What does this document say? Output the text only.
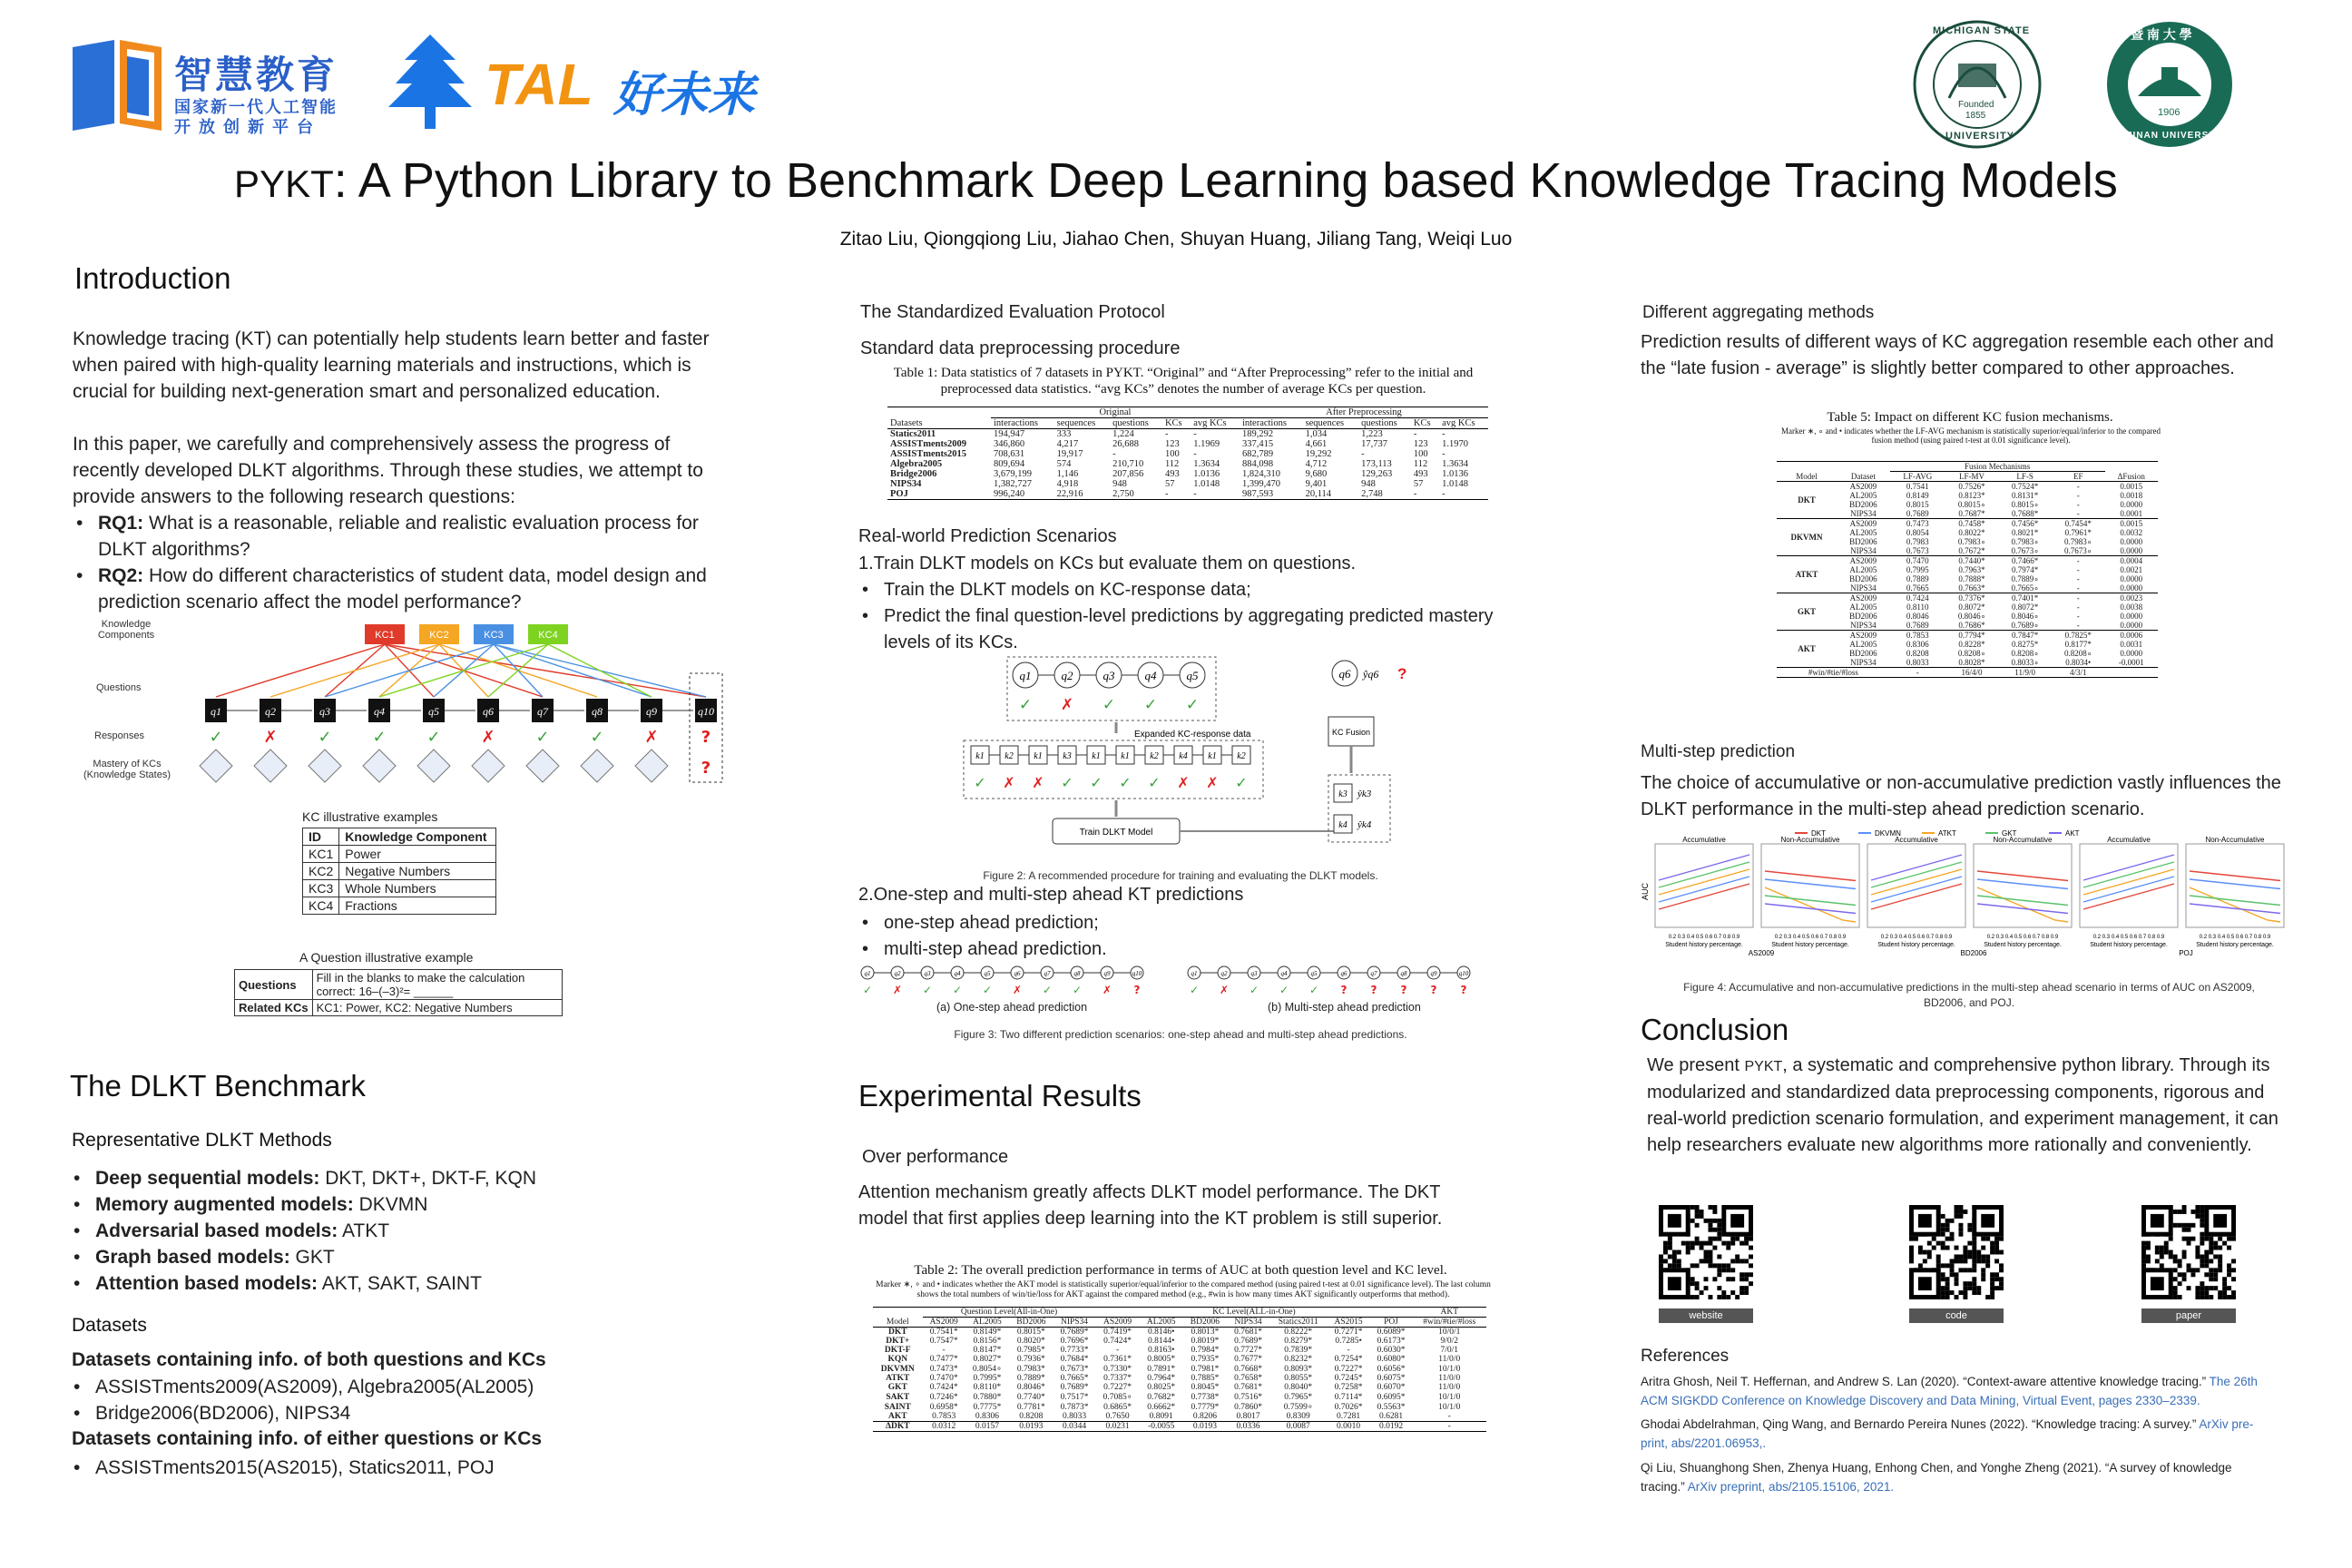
智慧教育
国家新一代人工智能
开 放 创 新 平 台
TAL 好未来
MICHIGAN STATE
UNIVERSITY
Founded
1855
暨 南 大 學
JINAN UNIVERSITY
1906
PYKT: A Python Library to Benchmark Deep Learning based Knowledge Tracing Models
Zitao Liu, Qiongqiong Liu, Jiahao Chen, Shuyan Huang, Jiliang Tang, Weiqi Luo
Introduction
Knowledge tracing (KT) can potentially help students learn better and faster when paired with high-quality learning materials and instructions, which is crucial for building next-generation smart and personalized education.
In this paper, we carefully and comprehensively assess the progress of recently developed DLKT algorithms. Through these studies, we attempt to provide answers to the following research questions:
• RQ1: What is a reasonable, reliable and realistic evaluation process for DLKT algorithms?
• RQ2: How do different characteristics of student data, model design and prediction scenario affect the model performance?
Knowledge Components
Questions
Responses
Mastery of KCs (Knowledge States)
KC1	KC2	KC3	KC4
q1
✓
q2
✗
q3
✓
q4
✓
q5
✓
q6
✗
q7
✓
q8
✓
q9
✗
q10
?
?
KC illustrative examples
ID	Knowledge Component
KC1	Power
KC2	Negative Numbers
KC3	Whole Numbers
KC4	Fractions
A Question illustrative example
Questions	Fill in the blanks to make the calculation correct: 16–(–3)²= ______
Related KCs	KC1: Power, KC2: Negative Numbers
The DLKT Benchmark
Representative DLKT Methods
• Deep sequential models: DKT, DKT+, DKT-F, KQN
• Memory augmented models: DKVMN
• Adversarial based models: ATKT
• Graph based models: GKT
• Attention based models: AKT, SAKT, SAINT
Datasets
Datasets containing info. of both questions and KCs
• ASSISTments2009(AS2009), Algebra2005(AL2005)
• Bridge2006(BD2006), NIPS34
Datasets containing info. of either questions or KCs
• ASSISTments2015(AS2015), Statics2011, POJ
The Standardized Evaluation Protocol
Standard data preprocessing procedure
Table 1: Data statistics of 7 datasets in PYKT. “Original” and “After Preprocessing” refer to the initial and preprocessed data statistics. “avg KCs” denotes the number of average KCs per question.
	Original					After Preprocessing				
Datasets	interactions	sequences	questions	KCs	avg KCs	interactions	sequences	questions	KCs	avg KCs
Statics2011	194,947	333	1,224	-	-	189,292	1,034	1,223	-	-
ASSISTments2009	346,860	4,217	26,688	123	1.1969	337,415	4,661	17,737	123	1.1970
ASSISTments2015	708,631	19,917	-	100	-	682,789	19,292	-	100	-
Algebra2005	809,694	574	210,710	112	1.3634	884,098	4,712	173,113	112	1.3634
Bridge2006	3,679,199	1,146	207,856	493	1.0136	1,824,310	9,680	129,263	493	1.0136
NIPS34	1,382,727	4,918	948	57	1.0148	1,399,470	9,401	948	57	1.0148
POJ	996,240	22,916	2,750	-	-	987,593	20,114	2,748	-	-
Real-world Prediction Scenarios
1.Train DLKT models on KCs but evaluate them on questions.
• Train the DLKT models on KC-response data;
• Predict the final question-level predictions by aggregating predicted mastery levels of its KCs.
q1
✓
q2
✗
q3
✓
q4
✓
q5
✓
q6 ŷq6 ?
Expanded KC-response data
k1
✓
k2
✗
k1
✗
k3
✓
k1
✓
k1
✓
k2
✓
k4
✗
k1
✗
k2
✓
Train DLKT Model
KC Fusion
k3 ŷk3
k4 ŷk4
Figure 2: A recommended procedure for training and evaluating the DLKT models.
2.One-step and multi-step ahead KT predictions
• one-step ahead prediction;
• multi-step ahead prediction.
q1
✓
q2
✗
q3
✓
q4
✓
q5
✓
q6
✗
q7
✓
q8
✓
q9
✗
q10
?
q1
✓
q2
✗
q3
✓
q4
✓
q5
✓
q6
?
q7
?
q8
?
q9
?
q10
?
(a) One-step ahead prediction	(b) Multi-step ahead prediction
Figure 3: Two different prediction scenarios: one-step ahead and multi-step ahead predictions.
Experimental Results
Over performance
Attention mechanism greatly affects DLKT model performance. The DKT model that first applies deep learning into the KT problem is still superior.
Table 2: The overall prediction performance in terms of AUC at both question level and KC level.
Marker ∗, ∘ and • indicates whether the AKT model is statistically superior/equal/inferior to the compared method (using paired t-test at 0.01 significance level). The last column shows the total numbers of win/tie/loss for AKT against the compared method (e.g., #win is how many times AKT significantly outperforms that method).
	Question Level(All-in-One)				KC Level(ALL-in-One)							AKT
Model	AS2009	AL2005	BD2006	NIPS34	AS2009	AL2005	BD2006	NIPS34	Statics2011	AS2015	POJ	#win/#tie/#loss
DKT	0.7541*	0.8149*	0.8015*	0.7689*	0.7419*	0.8146•	0.8013*	0.7681*	0.8222*	0.7271*	0.6089*	10/0/1
DKT+	0.7547*	0.8156*	0.8020*	0.7696*	0.7424*	0.8144•	0.8019*	0.7689*	0.8279*	0.7285•	0.6173*	9/0/2
DKT-F	-	0.8147*	0.7985*	0.7733*	-	0.8163•	0.7984*	0.7727*	0.7839*	-	0.6030*	7/0/1
KQN	0.7477*	0.8027*	0.7936*	0.7684*	0.7361*	0.8005*	0.7935*	0.7677*	0.8232*	0.7254*	0.6080*	11/0/0
DKVMN	0.7473*	0.8054∘	0.7983*	0.7673*	0.7330*	0.7891*	0.7981*	0.7668*	0.8093*	0.7227*	0.6056*	10/1/0
ATKT	0.7470*	0.7995*	0.7889*	0.7665*	0.7337*	0.7964*	0.7885*	0.7658*	0.8055*	0.7245*	0.6075*	11/0/0
GKT	0.7424*	0.8110*	0.8046*	0.7689*	0.7227*	0.8025*	0.8045*	0.7681*	0.8040*	0.7258*	0.6070*	11/0/0
SAKT	0.7246*	0.7880*	0.7740*	0.7517*	0.7085∘	0.7682*	0.7738*	0.7516*	0.7965*	0.7114*	0.6095*	10/1/0
SAINT	0.6958*	0.7775*	0.7781*	0.7873*	0.6865*	0.6662*	0.7779*	0.7860*	0.7599∘	0.7026*	0.5563*	10/1/0
AKT	0.7853	0.8306	0.8208	0.8033	0.7650	0.8091	0.8206	0.8017	0.8309	0.7281	0.6281	-
ΔDKT	0.0312	0.0157	0.0193	0.0344	0.0231	-0.0055	0.0193	0.0336	0.0087	0.0010	0.0192	-
Different aggregating methods
Prediction results of different ways of KC aggregation resemble each other and the “late fusion - average” is slightly better compared to other approaches.
Table 5: Impact on different KC fusion mechanisms.
Marker ∗, ∘ and • indicates whether the LF-AVG mechanism is statistically superior/equal/inferior to the compared fusion method (using paired t-test at 0.01 significance level).
		Fusion Mechanisms				
Model	Dataset	LF-AVG	LF-MV	LF-S	EF	ΔFusion
DKT	AS2009	0.7541	0.7526*	0.7524*	-	0.0015
	AL2005	0.8149	0.8123*	0.8131*	-	0.0018
	BD2006	0.8015	0.8015∘	0.8015∘	-	0.0000
	NIPS34	0.7689	0.7687*	0.7688*	-	0.0001
DKVMN	AS2009	0.7473	0.7458*	0.7456*	0.7454*	0.0015
	AL2005	0.8054	0.8022*	0.8021*	0.7961*	0.0032
	BD2006	0.7983	0.7983∘	0.7983∘	0.7983∘	0.0000
	NIPS34	0.7673	0.7672*	0.7673∘	0.7673∘	0.0000
ATKT	AS2009	0.7470	0.7440*	0.7466*	-	0.0004
	AL2005	0.7995	0.7963*	0.7974*	-	0.0021
	BD2006	0.7889	0.7888*	0.7889∘	-	0.0000
	NIPS34	0.7665	0.7663*	0.7665∘	-	0.0000
GKT	AS2009	0.7424	0.7376*	0.7401*	-	0.0023
	AL2005	0.8110	0.8072*	0.8072*	-	0.0038
	BD2006	0.8046	0.8046∘	0.8046∘	-	0.0000
	NIPS34	0.7689	0.7686*	0.7689∘	-	0.0000
AKT	AS2009	0.7853	0.7794*	0.7847*	0.7825*	0.0006
	AL2005	0.8306	0.8228*	0.8275*	0.8177*	0.0031
	BD2006	0.8208	0.8208∘	0.8208∘	0.8208∘	0.0000
	NIPS34	0.8033	0.8028*	0.8033∘	0.8034•	-0.0001
#win/#tie/#loss		-	16/4/0	11/9/0	4/3/1	
Multi-step prediction
The choice of accumulative or non-accumulative prediction vastly influences the DLKT performance in the multi-step ahead prediction scenario.
DKT	DKVMN	ATKT	GKT	AKT
AUC
Accumulative
0.2 0.3 0.4 0.5 0.6 0.7 0.8 0.9
Student history percentage.
Non-Accumulative
0.2 0.3 0.4 0.5 0.6 0.7 0.8 0.9
Student history percentage.
Accumulative
0.2 0.3 0.4 0.5 0.6 0.7 0.8 0.9
Student history percentage.
Non-Accumulative
0.2 0.3 0.4 0.5 0.6 0.7 0.8 0.9
Student history percentage.
Accumulative
0.2 0.3 0.4 0.5 0.6 0.7 0.8 0.9
Student history percentage.
Non-Accumulative
0.2 0.3 0.4 0.5 0.6 0.7 0.8 0.9
Student history percentage.
AS2009	BD2006	POJ
Figure 4: Accumulative and non-accumulative predictions in the multi-step ahead scenario in terms of AUC on AS2009, BD2006, and POJ.
Conclusion
We present PYKT, a systematic and comprehensive python library. Through its modularized and standardized data preprocessing components, rigorous and real-world prediction scenario formulation, and experiment management, it can help researchers evaluate new algorithms more rationally and conveniently.
website	code	paper
References
Aritra Ghosh, Neil T. Heffernan, and Andrew S. Lan (2020). “Context-aware attentive knowledge tracing.” The 26th ACM SIGKDD Conference on Knowledge Discovery and Data Mining, Virtual Event, pages 2330–2339.
Ghodai Abdelrahman, Qing Wang, and Bernardo Pereira Nunes (2022). “Knowledge tracing: A survey.” ArXiv pre-print, abs/2201.06953,.
Qi Liu, Shuanghong Shen, Zhenya Huang, Enhong Chen, and Yonghe Zheng (2021). “A survey of knowledge tracing.” ArXiv preprint, abs/2105.15106, 2021.
